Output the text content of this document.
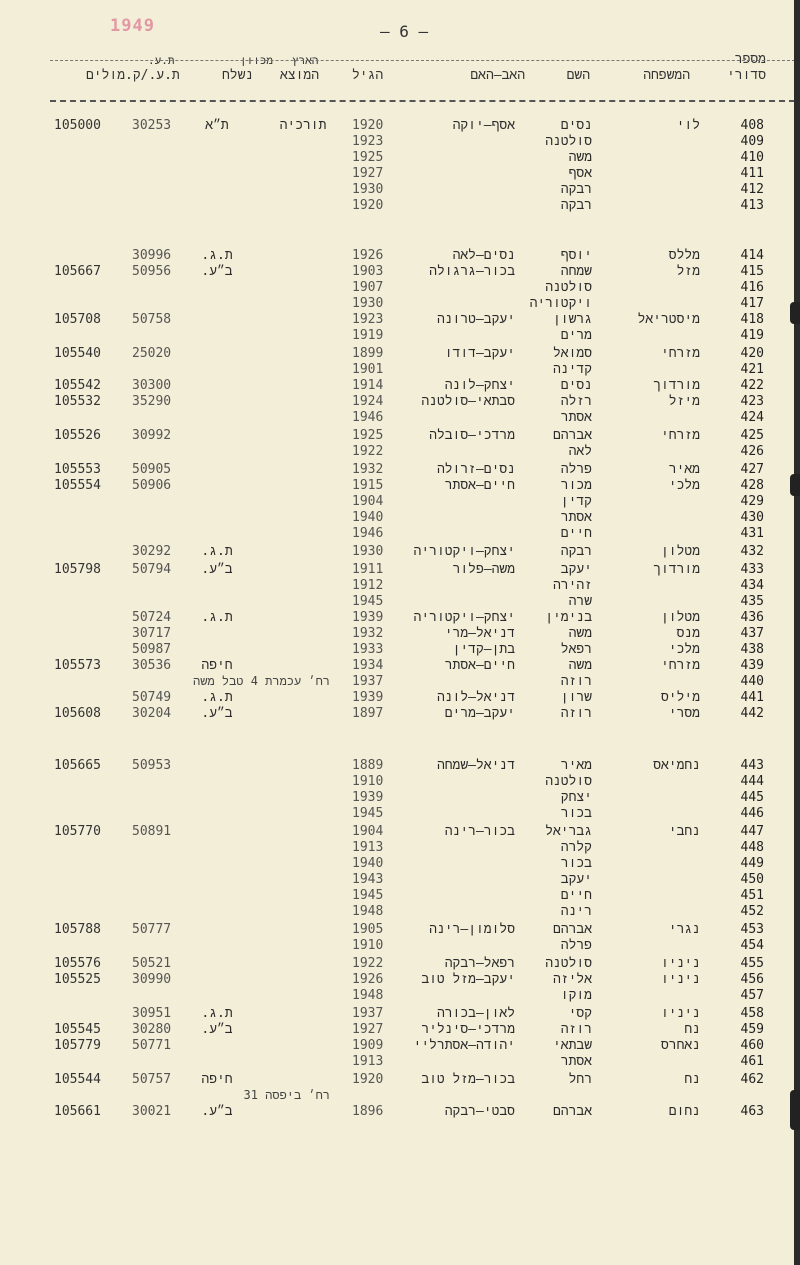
1949	— 6 —
מספר
סדורי
המשפחה
השם
האב—האם
הגיל
הארץ
המוצא
מכוון
נשלח
ת.ע.
ת.ע./ק.מולים
408
לוי
נסים
אסף—יוקה
1920
תורכיה
ת״א
30253
105000
409
סולטנה
1923
410
משה
1925
411
אסף
1927
412
רבקה
1930
413
רבקה
1920
414
מללס
יוסף
נסים—לאה
1926
ת.ג.
30996
415
מזל
שמחה
בכור—גרגולה
1903
ב״ע.
50956
105667
416
סולטנה
1907
417
ויקטוריה
1930
418
מיסטריאל
גרשון
יעקב—טרונה
1923
50758
105708
419
מרים
1919
420
מזרחי
סמואל
יעקב—דודו
1899
25020
105540
421
קדינה
1901
422
מורדוך
נסים
יצחק—לונה
1914
30300
105542
423
מיזל
רזלה
סבתאי—סולטנה
1924
35290
105532
424
אסתר
1946
425
מזרחי
אברהם
מרדכי—סובלה
1925
30992
105526
426
לאה
1922
427
מאיר
פרלה
נסים—זרולה
1932
50905
105553
428
מלכי
מכור
חיים—אסתר
1915
50906
105554
429
קדין
1904
430
אסתר
1940
431
חיים
1946
432
מטלון
רבקה
יצחק—ויקטוריה
1930
ת.ג.
30292
433
מורדוך
יעקב
משה—פלור
1911
ב״ע.
50794
105798
434
זהירה
1912
435
שרה
1945
436
מטלון
בנימין
יצחק—ויקטוריה
1939
ת.ג.
50724
437
מנס
משה
דניאל—מרי
1932
30717
438
מלכי
רפאל
בתן—קדין
1933
50987
439
מזרחי
משה
חיים—אסתר
1934
חיפה
30536
105573
440
רוזה
1937
רח׳ עכמרת 4 טבל משה
441
מיליס
שרון
דניאל—לונה
1939
ת.ג.
50749
442
מסרי
רוזה
יעקב—מרים
1897
ב״ע.
30204
105608
443
נחמיאס
מאיר
דניאל—שמחה
1889
50953
105665
444
סולטנה
1910
445
יצחק
1939
446
בכור
1945
447
נחבי
גבריאל
בכור—רינה
1904
50891
105770
448
קלרה
1913
449
בכור
1940
450
יעקב
1943
451
חיים
1945
452
רינה
1948
453
נגרי
אברהם
סלומון—רינה
1905
50777
105788
454
פרלה
1910
455
ניניו
סולטנה
רפאל—רבקה
1922
50521
105576
456
ניניו
אליזה
יעקב—מזל טוב
1926
30990
105525
457
מוקו
1948
458
ניניו
קסי
לאון—בכורה
1937
ת.ג.
30951
459
נח
רוזה
מרדכי—סינליר
1927
ב״ע.
30280
105545
460
נאחרס
שבתאי
יהודה—אסתרליי
1909
50771
105779
461
אסתר
1913
462
נח
רחל
בכור—מזל טוב
1920
חיפה
50757
105544
רח׳ ביפסה 31
463
נחום
אברהם
סבטי—רבקה
1896
ב״ע.
30021
105661
